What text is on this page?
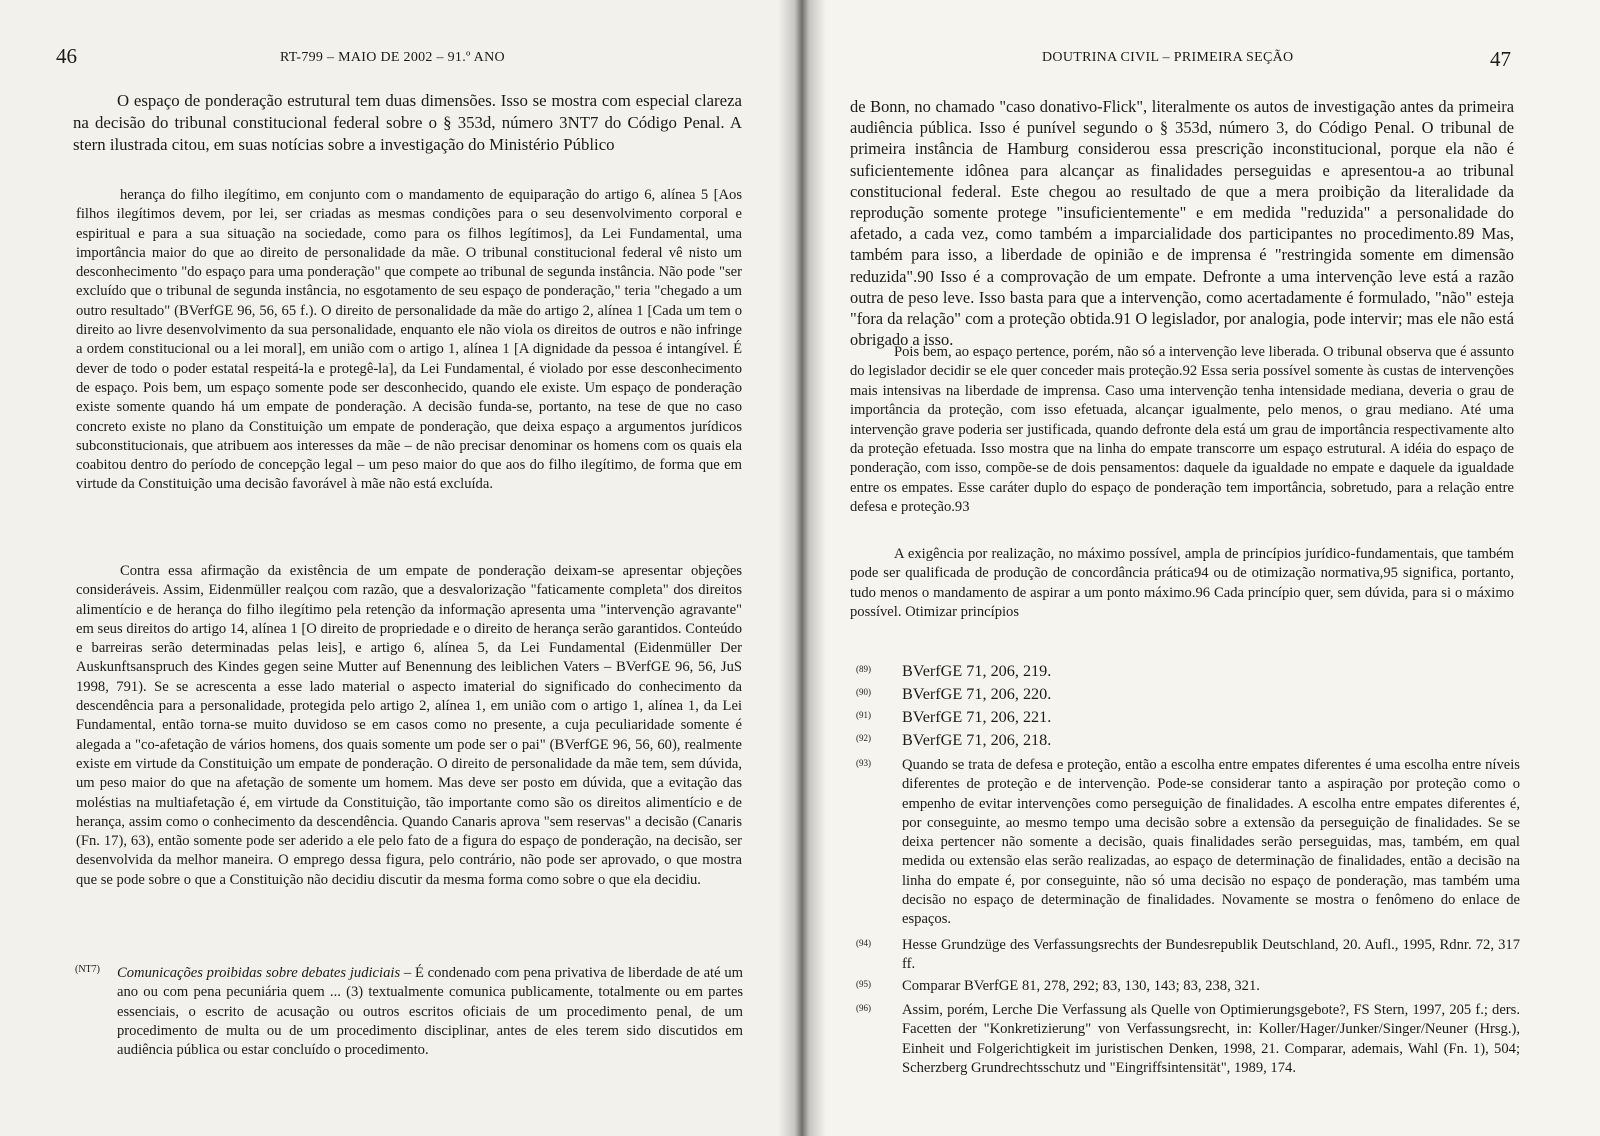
46	RT-799 – MAIO DE 2002 – 91.º ANO

O espaço de ponderação estrutural tem duas dimensões. Isso se mostra com especial clareza na decisão do tribunal constitucional federal sobre o § 353d, número 3NT7 do Código Penal. A stern ilustrada citou, em suas notícias sobre a investigação do Ministério Público

herança do filho ilegítimo, em conjunto com o mandamento de equiparação do artigo 6, alínea 5 [Aos filhos ilegítimos devem, por lei, ser criadas as mesmas condições para o seu desenvolvimento corporal e espiritual e para a sua situação na sociedade, como para os filhos legítimos], da Lei Fundamental, uma importância maior do que ao direito de personalidade da mãe. O tribunal constitucional federal vê nisto um desconhecimento "do espaço para uma ponderação" que compete ao tribunal de segunda instância. Não pode "ser excluído que o tribunal de segunda instância, no esgotamento de seu espaço de ponderação," teria "chegado a um outro resultado" (BVerfGE 96, 56, 65 f.). O direito de personalidade da mãe do artigo 2, alínea 1 [Cada um tem o direito ao livre desenvolvimento da sua personalidade, enquanto ele não viola os direitos de outros e não infringe a ordem constitucional ou a lei moral], em união com o artigo 1, alínea 1 [A dignidade da pessoa é intangível. É dever de todo o poder estatal respeitá-la e protegê-la], da Lei Fundamental, é violado por esse desconhecimento de espaço. Pois bem, um espaço somente pode ser desconhecido, quando ele existe. Um espaço de ponderação existe somente quando há um empate de ponderação. A decisão funda-se, portanto, na tese de que no caso concreto existe no plano da Constituição um empate de ponderação, que deixa espaço a argumentos jurídicos subconstitucionais, que atribuem aos interesses da mãe – de não precisar denominar os homens com os quais ela coabitou dentro do período de concepção legal – um peso maior do que aos do filho ilegítimo, de forma que em virtude da Constituição uma decisão favorável à mãe não está excluída.

Contra essa afirmação da existência de um empate de ponderação deixam-se apresentar objeções consideráveis. Assim, Eidenmüller realçou com razão, que a desvalorização "faticamente completa" dos direitos alimentício e de herança do filho ilegítimo pela retenção da informação apresenta uma "intervenção agravante" em seus direitos do artigo 14, alínea 1 [O direito de propriedade e o direito de herança serão garantidos. Conteúdo e barreiras serão determinadas pelas leis], e artigo 6, alínea 5, da Lei Fundamental (Eidenmüller Der Auskunftsanspruch des Kindes gegen seine Mutter auf Benennung des leiblichen Vaters – BVerfGE 96, 56, JuS 1998, 791). Se se acrescenta a esse lado material o aspecto imaterial do significado do conhecimento da descendência para a personalidade, protegida pelo artigo 2, alínea 1, em união com o artigo 1, alínea 1, da Lei Fundamental, então torna-se muito duvidoso se em casos como no presente, a cuja peculiaridade somente é alegada a "co-afetação de vários homens, dos quais somente um pode ser o pai" (BVerfGE 96, 56, 60), realmente existe em virtude da Constituição um empate de ponderação. O direito de personalidade da mãe tem, sem dúvida, um peso maior do que na afetação de somente um homem. Mas deve ser posto em dúvida, que a evitação das moléstias na multiafetação é, em virtude da Constituição, tão importante como são os direitos alimentício e de herança, assim como o conhecimento da descendência. Quando Canaris aprova "sem reservas" a decisão (Canaris (Fn. 17), 63), então somente pode ser aderido a ele pelo fato de a figura do espaço de ponderação, na decisão, ser desenvolvida da melhor maneira. O emprego dessa figura, pelo contrário, não pode ser aprovado, o que mostra que se pode sobre o que a Constituição não decidiu discutir da mesma forma como sobre o que ela decidiu.

(NT7) Comunicações proibidas sobre debates judiciais – É condenado com pena privativa de liberdade de até um ano ou com pena pecuniária quem ... (3) textualmente comunica publicamente, totalmente ou em partes essenciais, o escrito de acusação ou outros escritos oficiais de um procedimento penal, de um procedimento de multa ou de um procedimento disciplinar, antes de eles terem sido discutidos em audiência pública ou estar concluído o procedimento.

DOUTRINA CIVIL – PRIMEIRA SEÇÃO	47

de Bonn, no chamado "caso donativo-Flick", literalmente os autos de investigação antes da primeira audiência pública. Isso é punível segundo o § 353d, número 3, do Código Penal. O tribunal de primeira instância de Hamburg considerou essa prescrição inconstitucional, porque ela não é suficientemente idônea para alcançar as finalidades perseguidas e apresentou-a ao tribunal constitucional federal. Este chegou ao resultado de que a mera proibição da literalidade da reprodução somente protege "insuficientemente" e em medida "reduzida" a personalidade do afetado, a cada vez, como também a imparcialidade dos participantes no procedimento.89 Mas, também para isso, a liberdade de opinião e de imprensa é "restringida somente em dimensão reduzida".90 Isso é a comprovação de um empate. Defronte a uma intervenção leve está a razão outra de peso leve. Isso basta para que a intervenção, como acertadamente é formulado, "não" esteja "fora da relação" com a proteção obtida.91 O legislador, por analogia, pode intervir; mas ele não está obrigado a isso.

Pois bem, ao espaço pertence, porém, não só a intervenção leve liberada. O tribunal observa que é assunto do legislador decidir se ele quer conceder mais proteção.92 Essa seria possível somente às custas de intervenções mais intensivas na liberdade de imprensa. Caso uma intervenção tenha intensidade mediana, deveria o grau de importância da proteção, com isso efetuada, alcançar igualmente, pelo menos, o grau mediano. Até uma intervenção grave poderia ser justificada, quando defronte dela está um grau de importância respectivamente alto da proteção efetuada. Isso mostra que na linha do empate transcorre um espaço estrutural. A idéia do espaço de ponderação, com isso, compõe-se de dois pensamentos: daquele da igualdade no empate e daquele da igualdade entre os empates. Esse caráter duplo do espaço de ponderação tem importância, sobretudo, para a relação entre defesa e proteção.93

A exigência por realização, no máximo possível, ampla de princípios jurídico-fundamentais, que também pode ser qualificada de produção de concordância prática94 ou de otimização normativa,95 significa, portanto, tudo menos o mandamento de aspirar a um ponto máximo.96 Cada princípio quer, sem dúvida, para si o máximo possível. Otimizar princípios

(89) BVerfGE 71, 206, 219.

(90) BVerfGE 71, 206, 220.

(91) BVerfGE 71, 206, 221.

(92) BVerfGE 71, 206, 218.

(93) Quando se trata de defesa e proteção, então a escolha entre empates diferentes é uma escolha entre níveis diferentes de proteção e de intervenção. Pode-se considerar tanto a aspiração por proteção como o empenho de evitar intervenções como perseguição de finalidades. A escolha entre empates diferentes é, por conseguinte, ao mesmo tempo uma decisão sobre a extensão da perseguição de finalidades. Se se deixa pertencer não somente a decisão, quais finalidades serão perseguidas, mas, também, em qual medida ou extensão elas serão realizadas, ao espaço de determinação de finalidades, então a decisão na linha do empate é, por conseguinte, não só uma decisão no espaço de ponderação, mas também uma decisão no espaço de determinação de finalidades. Novamente se mostra o fenômeno do enlace de espaços.

(94) Hesse Grundzüge des Verfassungsrechts der Bundesrepublik Deutschland, 20. Aufl., 1995, Rdnr. 72, 317 ff.

(95) Comparar BVerfGE 81, 278, 292; 83, 130, 143; 83, 238, 321.

(96) Assim, porém, Lerche Die Verfassung als Quelle von Optimierungsgebote?, FS Stern, 1997, 205 f.; ders. Facetten der "Konkretizierung" von Verfassungsrecht, in: Koller/Hager/Junker/Singer/Neuner (Hrsg.), Einheit und Folgerichtigkeit im juristischen Denken, 1998, 21. Comparar, ademais, Wahl (Fn. 1), 504; Scherzberg Grundrechtsschutz und "Eingriffsintensität", 1989, 174.
